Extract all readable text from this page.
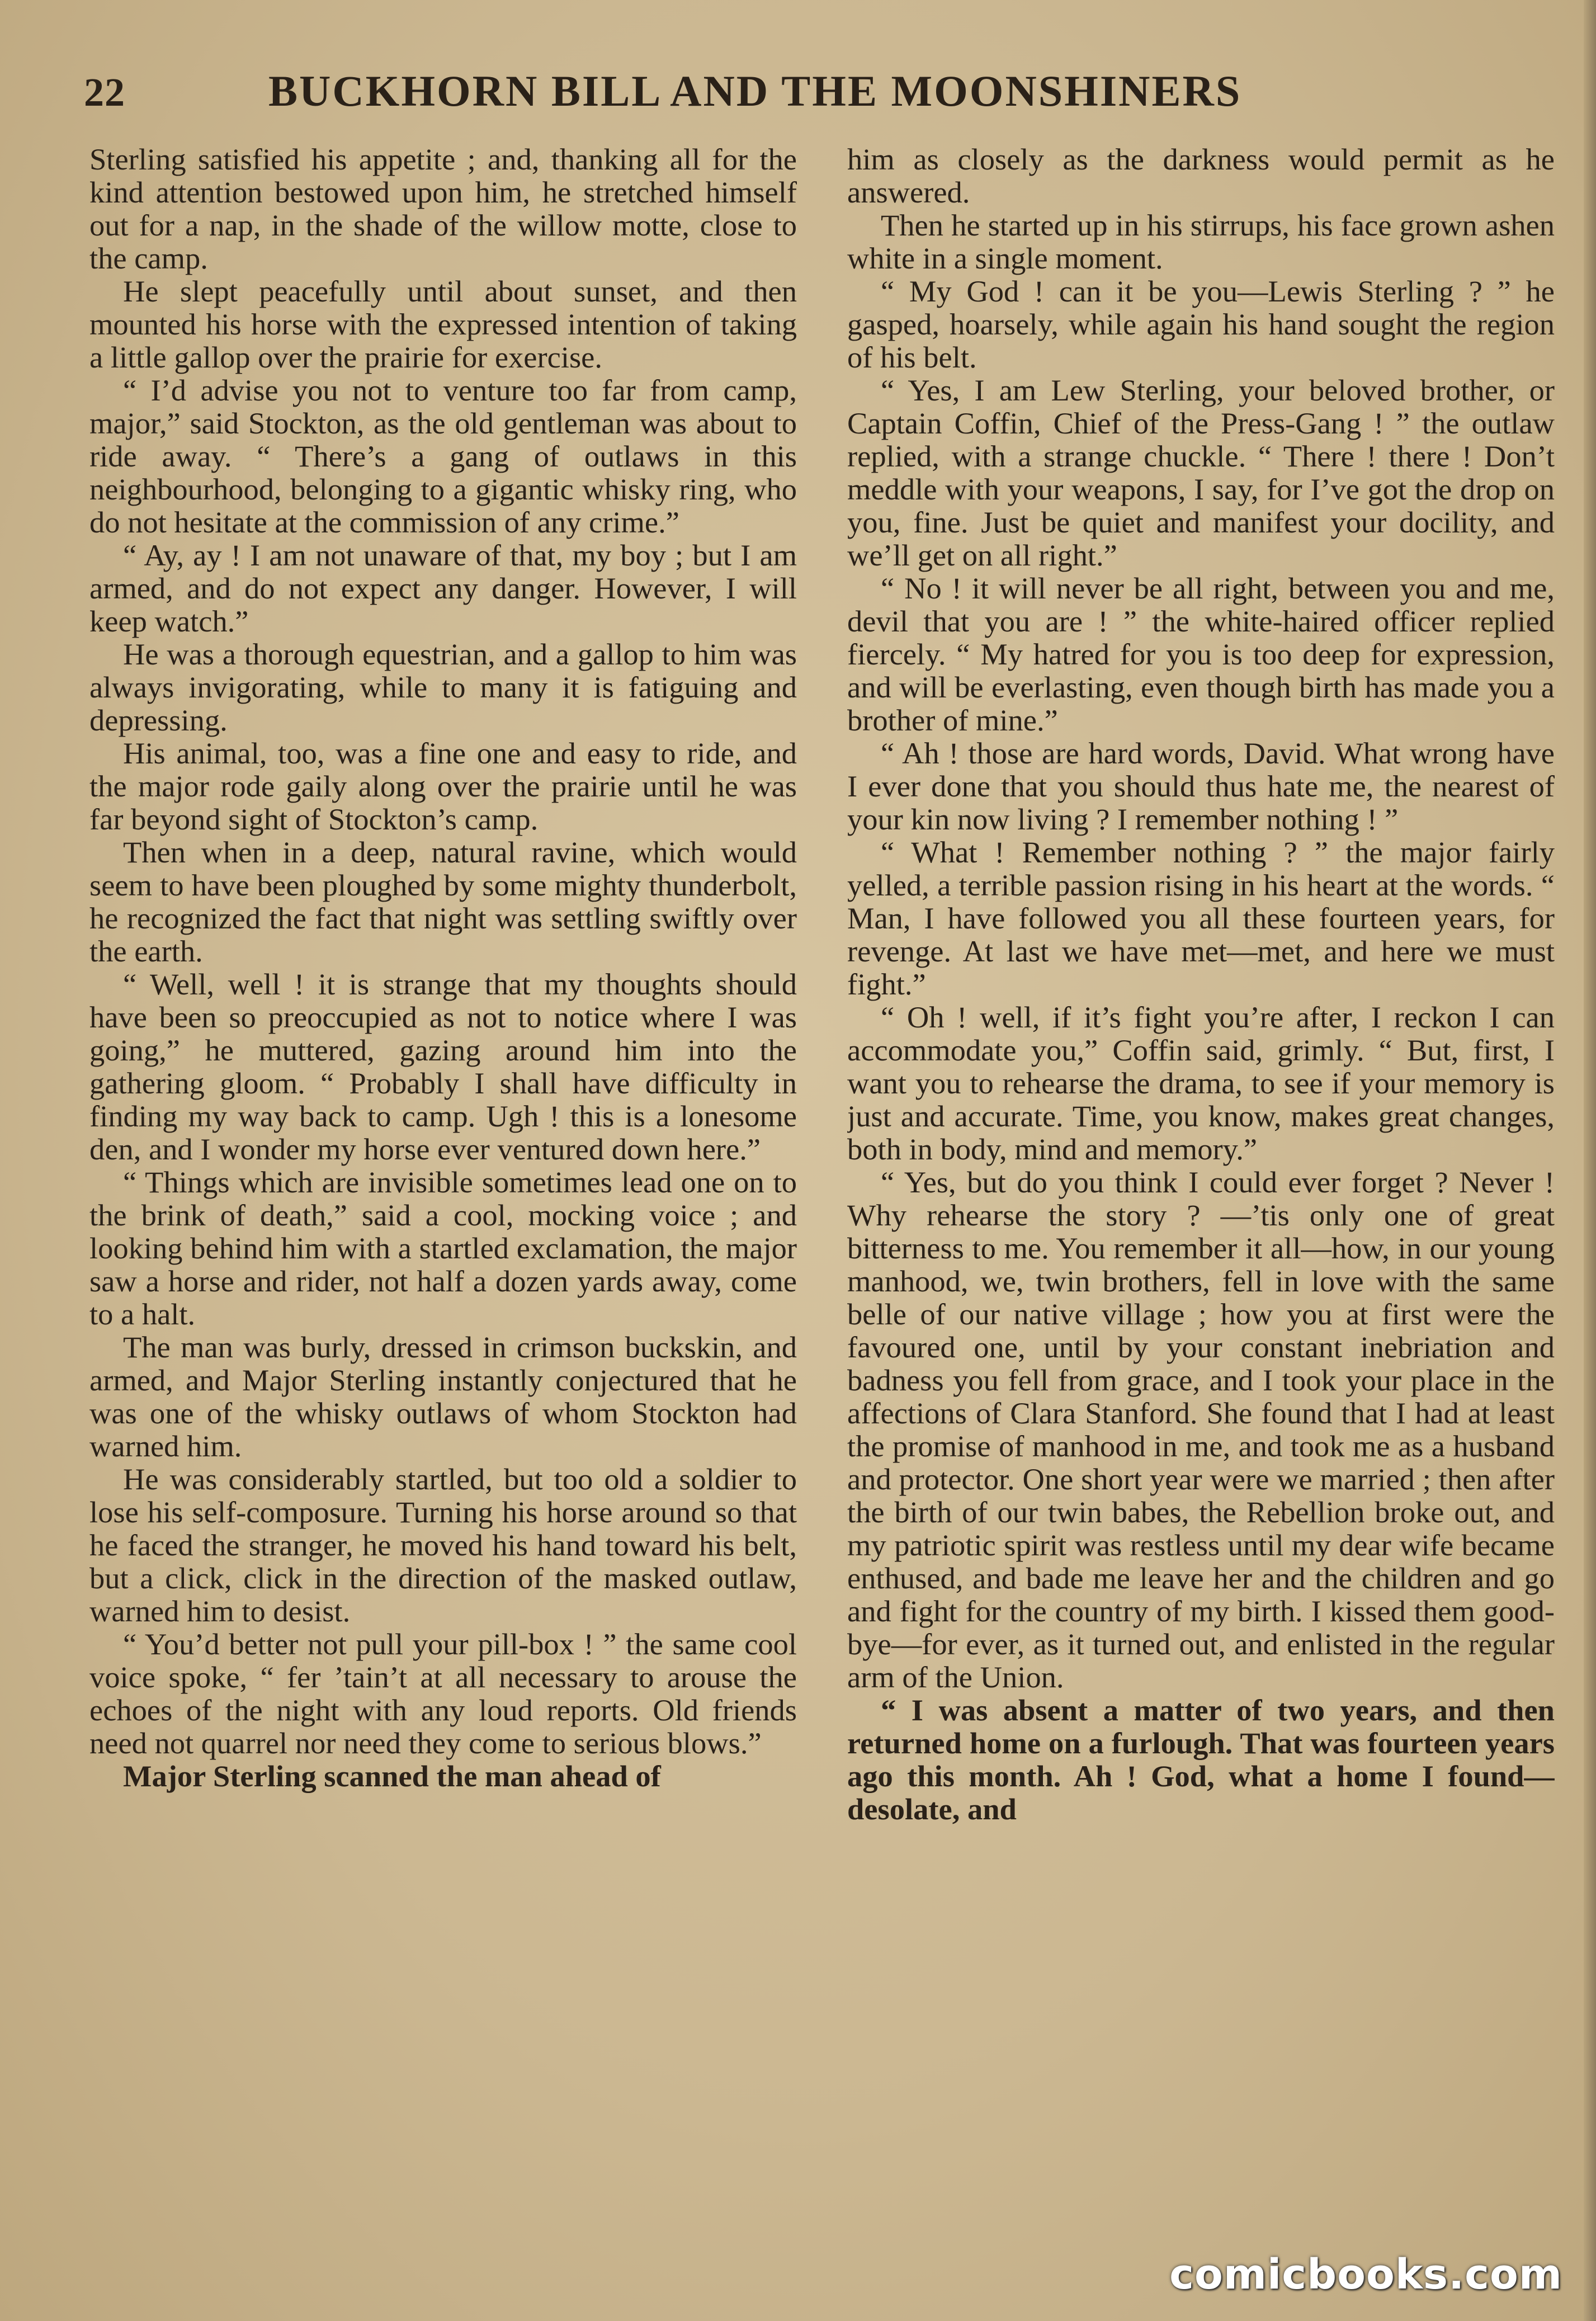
22	BUCKHORN BILL AND THE MOONSHINERS

Sterling satisfied his appetite ; and, thanking all for the kind attention bestowed upon him, he stretched himself out for a nap, in the shade of the willow motte, close to the camp.

He slept peacefully until about sunset, and then mounted his horse with the expressed intention of taking a little gallop over the prairie for exercise.

“ I’d advise you not to venture too far from camp, major,” said Stockton, as the old gentleman was about to ride away. “ There’s a gang of outlaws in this neighbourhood, belonging to a gigantic whisky ring, who do not hesitate at the commission of any crime.”

“ Ay, ay ! I am not unaware of that, my boy ; but I am armed, and do not expect any danger. However, I will keep watch.”

He was a thorough equestrian, and a gallop to him was always invigorating, while to many it is fatiguing and depressing.

His animal, too, was a fine one and easy to ride, and the major rode gaily along over the prairie until he was far beyond sight of Stockton’s camp.

Then when in a deep, natural ravine, which would seem to have been ploughed by some mighty thunderbolt, he recognized the fact that night was settling swiftly over the earth.

“ Well, well ! it is strange that my thoughts should have been so preoccupied as not to notice where I was going,” he muttered, gazing around him into the gathering gloom. “ Probably I shall have difficulty in finding my way back to camp. Ugh ! this is a lonesome den, and I wonder my horse ever ventured down here.”

“ Things which are invisible sometimes lead one on to the brink of death,” said a cool, mocking voice ; and looking behind him with a startled exclamation, the major saw a horse and rider, not half a dozen yards away, come to a halt.

The man was burly, dressed in crimson buckskin, and armed, and Major Sterling instantly conjectured that he was one of the whisky outlaws of whom Stockton had warned him.

He was considerably startled, but too old a soldier to lose his self-composure. Turning his horse around so that he faced the stranger, he moved his hand toward his belt, but a click, click in the direction of the masked outlaw, warned him to desist.

“ You’d better not pull your pill-box ! ” the same cool voice spoke, “ fer ’tain’t at all necessary to arouse the echoes of the night with any loud reports. Old friends need not quarrel nor need they come to serious blows.”

Major Sterling scanned the man ahead of

him as closely as the darkness would permit as he answered.

Then he started up in his stirrups, his face grown ashen white in a single moment.

“ My God ! can it be you—Lewis Sterling ? ” he gasped, hoarsely, while again his hand sought the region of his belt.

“ Yes, I am Lew Sterling, your beloved brother, or Captain Coffin, Chief of the Press-Gang ! ” the outlaw replied, with a strange chuckle. “ There ! there ! Don’t meddle with your weapons, I say, for I’ve got the drop on you, fine. Just be quiet and manifest your docility, and we’ll get on all right.”

“ No ! it will never be all right, between you and me, devil that you are ! ” the white-haired officer replied fiercely. “ My hatred for you is too deep for expression, and will be everlasting, even though birth has made you a brother of mine.”

“ Ah ! those are hard words, David. What wrong have I ever done that you should thus hate me, the nearest of your kin now living ? I remember nothing ! ”

“ What ! Remember nothing ? ” the major fairly yelled, a terrible passion rising in his heart at the words. “ Man, I have followed you all these fourteen years, for revenge. At last we have met—met, and here we must fight.”

“ Oh ! well, if it’s fight you’re after, I reckon I can accommodate you,” Coffin said, grimly. “ But, first, I want you to rehearse the drama, to see if your memory is just and accurate. Time, you know, makes great changes, both in body, mind and memory.”

“ Yes, but do you think I could ever forget ? Never ! Why rehearse the story ? —’tis only one of great bitterness to me. You remember it all—how, in our young manhood, we, twin brothers, fell in love with the same belle of our native village ; how you at first were the favoured one, until by your constant inebriation and badness you fell from grace, and I took your place in the affections of Clara Stanford. She found that I had at least the promise of manhood in me, and took me as a husband and protector. One short year were we married ; then after the birth of our twin babes, the Rebellion broke out, and my patriotic spirit was restless until my dear wife became enthused, and bade me leave her and the children and go and fight for the country of my birth. I kissed them good-bye—for ever, as it turned out, and enlisted in the regular arm of the Union.

“ I was absent a matter of two years, and then returned home on a furlough. That was fourteen years ago this month. Ah ! God, what a home I found—desolate, and

comicbooks.com
